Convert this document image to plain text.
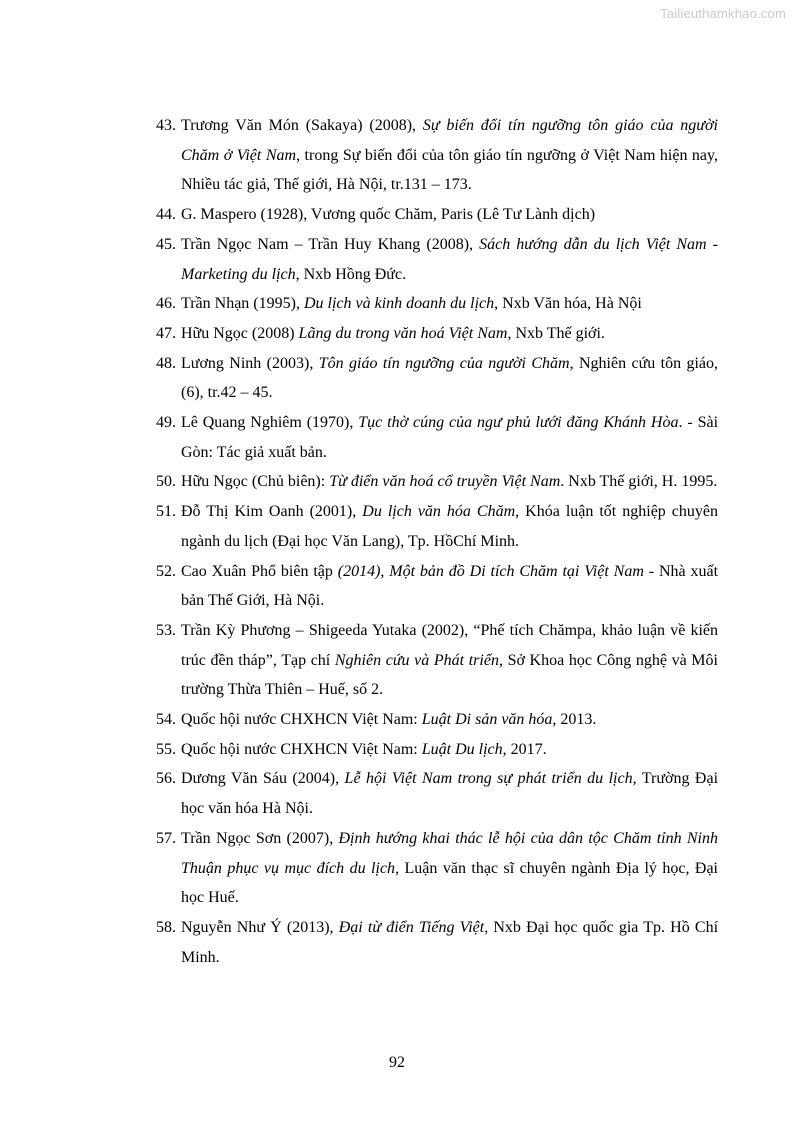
Tailieuthamkhao.com
43. Trương Văn Món (Sakaya) (2008), Sự biến đổi tín ngưỡng tôn giáo của người Chăm ở Việt Nam, trong Sự biến đổi của tôn giáo tín ngưỡng ở Việt Nam hiện nay, Nhiều tác giả, Thế giới, Hà Nội, tr.131 – 173.
44. G. Maspero (1928), Vương quốc Chăm, Paris (Lê Tư Lành dịch)
45. Trần Ngọc Nam – Trần Huy Khang (2008), Sách hướng dẫn du lịch Việt Nam - Marketing du lịch, Nxb Hồng Đức.
46. Trần Nhạn (1995), Du lịch và kinh doanh du lịch, Nxb Văn hóa, Hà Nội
47. Hữu Ngọc (2008) Lãng du trong văn hoá Việt Nam, Nxb Thế giới.
48. Lương Ninh (2003), Tôn giáo tín ngưỡng của người Chăm, Nghiên cứu tôn giáo, (6), tr.42 – 45.
49. Lê Quang Nghiêm (1970), Tục thờ cúng của ngư phủ lưới đăng Khánh Hòa. - Sài Gòn: Tác giả xuất bản.
50. Hữu Ngọc (Chủ biên): Từ điển văn hoá cổ truyền Việt Nam. Nxb Thế giới, H. 1995.
51. Đỗ Thị Kim Oanh (2001), Du lịch văn hóa Chăm, Khóa luận tốt nghiệp chuyên ngành du lịch (Đại học Văn Lang), Tp. HồChí Minh.
52. Cao Xuân Phổ biên tập (2014), Một bản đồ Di tích Chăm tại Việt Nam - Nhà xuất bản Thế Giới, Hà Nội.
53. Trần Kỳ Phương – Shigeeda Yutaka (2002), “Phế tích Chămpa, khảo luận về kiến trúc đền tháp”, Tạp chí Nghiên cứu và Phát triển, Sở Khoa học Công nghệ và Môi trường Thừa Thiên – Huế, số 2.
54. Quốc hội nước CHXHCN Việt Nam: Luật Di sản văn hóa, 2013.
55. Quốc hội nước CHXHCN Việt Nam: Luật Du lịch, 2017.
56. Dương Văn Sáu (2004), Lễ hội Việt Nam trong sự phát triển du lịch, Trường Đại học văn hóa Hà Nội.
57. Trần Ngọc Sơn (2007), Định hướng khai thác lễ hội của dân tộc Chăm tỉnh Ninh Thuận phục vụ mục đích du lịch, Luận văn thạc sĩ chuyên ngành Địa lý học, Đại học Huế.
58. Nguyễn Như Ý (2013), Đại từ điển Tiếng Việt, Nxb Đại học quốc gia Tp. Hồ Chí Minh.
92
